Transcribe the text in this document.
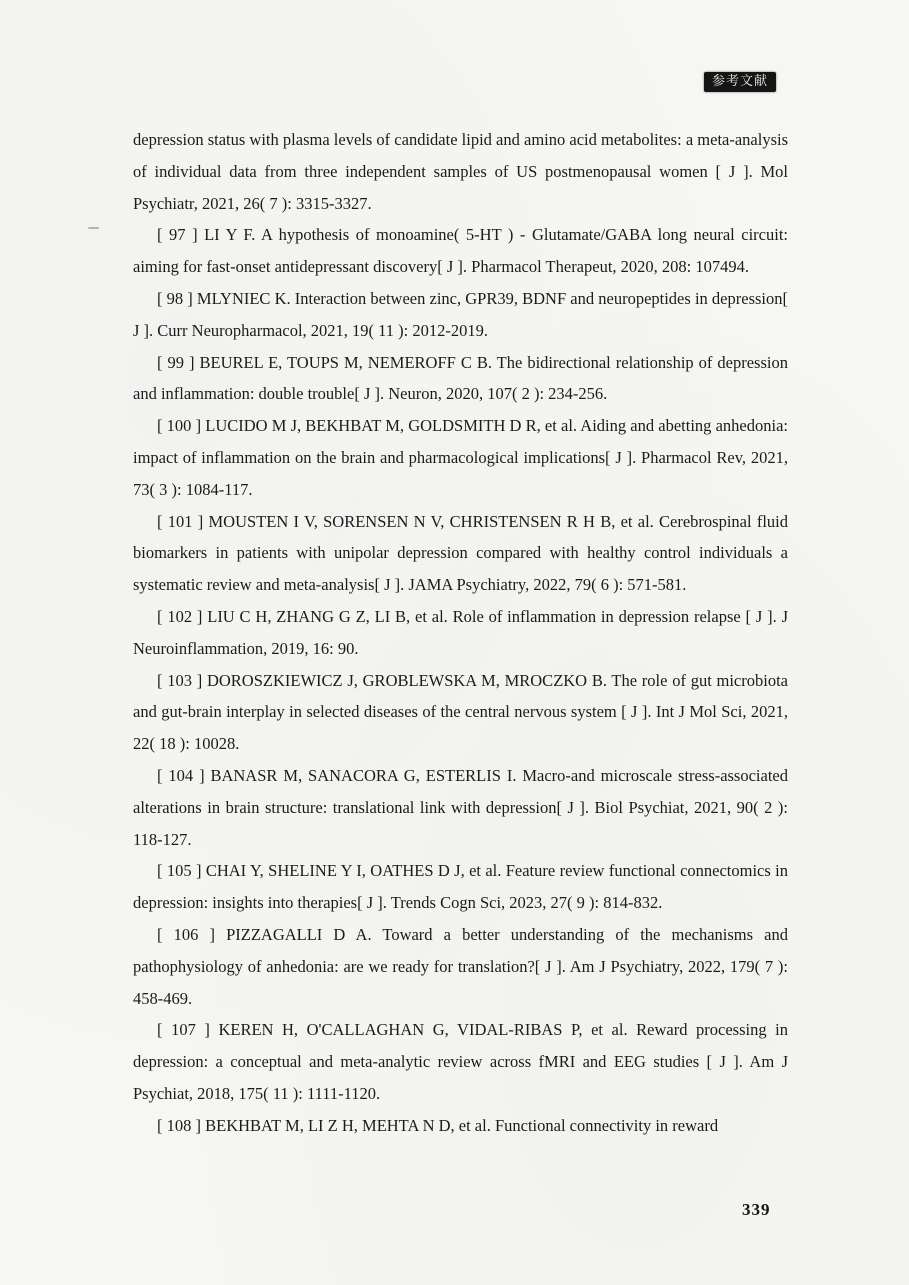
参考文献

depression status with plasma levels of candidate lipid and amino acid metabolites: a meta-analysis of individual data from three independent samples of US postmenopausal women [ J ]. Mol Psychiatr, 2021, 26( 7 ): 3315-3327.

[ 97 ] LI Y F. A hypothesis of monoamine( 5-HT ) - Glutamate/GABA long neural circuit: aiming for fast-onset antidepressant discovery[ J ]. Pharmacol Therapeut, 2020, 208: 107494.

[ 98 ] MLYNIEC K. Interaction between zinc, GPR39, BDNF and neuropeptides in depression[ J ]. Curr Neuropharmacol, 2021, 19( 11 ): 2012-2019.

[ 99 ] BEUREL E, TOUPS M, NEMEROFF C B. The bidirectional relationship of depression and inflammation: double trouble[ J ]. Neuron, 2020, 107( 2 ): 234-256.

[ 100 ] LUCIDO M J, BEKHBAT M, GOLDSMITH D R, et al. Aiding and abetting anhedonia: impact of inflammation on the brain and pharmacological implications[ J ]. Pharmacol Rev, 2021, 73( 3 ): 1084-117.

[ 101 ] MOUSTEN I V, SORENSEN N V, CHRISTENSEN R H B, et al. Cerebrospinal fluid biomarkers in patients with unipolar depression compared with healthy control individuals a systematic review and meta-analysis[ J ]. JAMA Psychiatry, 2022, 79( 6 ): 571-581.

[ 102 ] LIU C H, ZHANG G Z, LI B, et al. Role of inflammation in depression relapse [ J ]. J Neuroinflammation, 2019, 16: 90.

[ 103 ] DOROSZKIEWICZ J, GROBLEWSKA M, MROCZKO B. The role of gut microbiota and gut-brain interplay in selected diseases of the central nervous system [ J ]. Int J Mol Sci, 2021, 22( 18 ): 10028.

[ 104 ] BANASR M, SANACORA G, ESTERLIS I. Macro-and microscale stress-associated alterations in brain structure: translational link with depression[ J ]. Biol Psychiat, 2021, 90( 2 ): 118-127.

[ 105 ] CHAI Y, SHELINE Y I, OATHES D J, et al. Feature review functional connectomics in depression: insights into therapies[ J ]. Trends Cogn Sci, 2023, 27( 9 ): 814-832.

[ 106 ] PIZZAGALLI D A. Toward a better understanding of the mechanisms and pathophysiology of anhedonia: are we ready for translation?[ J ]. Am J Psychiatry, 2022, 179( 7 ): 458-469.

[ 107 ] KEREN H, O'CALLAGHAN G, VIDAL-RIBAS P, et al. Reward processing in depression: a conceptual and meta-analytic review across fMRI and EEG studies [ J ]. Am J Psychiat, 2018, 175( 11 ): 1111-1120.

[ 108 ] BEKHBAT M, LI Z H, MEHTA N D, et al. Functional connectivity in reward

339
